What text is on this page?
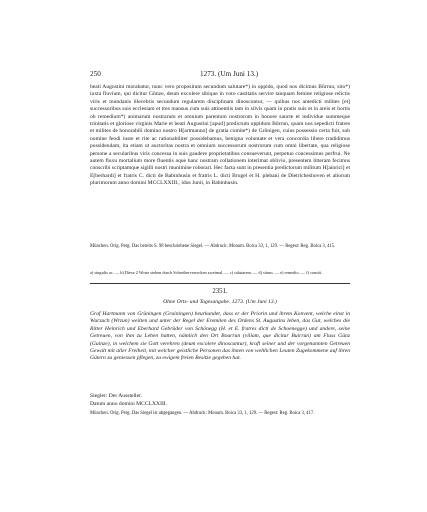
250	1273. (Um Juni 13.)

beati Augustini morabatur, nunc vero propositum secundum salutare*) in oppido, quod nos dicimus Bůrrun, sito*) iuxta fluvium, qui dicitur Gůnze, deum excolere sibique in voto castitatis servire tanquam femine religiose relictis viris et mundanis illecebris secundum regularem disciplinam dinoscuntur, — quibus nos antedicti milites [et] successoribus suis ecclesiam et tres mansus cum suis attinentiis tam in silvis quam in pratis suis et in areis et hortis ob remedium*) animarum nostrarum et omnium parentum nostrorum in honore sancte et individue summeque trinitatis et gloriose virginis Marie et beati Augustini [apud] predictum oppidum Bůrrun, quam nos sepedicti fratres et milites de honorabili domino nostro H[artmanno] de gratia comite*) de Grônigen, cuius possessio certa fuit, sub nomine feodi iuste et rite ac rationabiliter possidebamus, benigna voluntate et vera concordia libere tradidimus possidendam, ita etiam ut auctoritas nostra et omnium successorum nostrorum cum omni libertate, qua religiose persone a secularibus viris concessa in suis gaudere proprietatibus consueverunt, perpetuo concessimus perfrui. Ne autem fluxu mortalium more fluentis aque hanc nostram collationem interimat oblivio, presentem litteram fecimus conscribi scriptamque sigilli nostri munimine roborari. Hec facta sunt in presentia predictorum militum H[ainrici] et E[berhardi] et fratris C. dicti de Babinhusin et fratris L. dicti Brugel et H. plebani de Dietricheshoven et aliorum plurimorum anno domini MCCLXXIII., idus Junii, in Babinhusin.

München. Orig. Perg. Das bereits S. 98 beschriebene Siegel. — Abdruck: Monum. Boica 33, 1, 129. — Regest: Reg. Boica 3, 415.

a) singulis ac. — b) Diese 2 Worte stehen durch Schreiberverrecken zweimal. — c) salutarem. — d) situm. — e) remedio. — f) comiti.

2351.
Ohne Orts- und Tagesangabe. 1273. (Um Juni 13.)

Graf Hartmann von Grüningen (Gruiningen) beurkundet, dass er der Priorin und ihrem Konvent, welche einst in Wurzach (Wrzun) weilten und unter der Regel der Eremiten des Ordens St. Augustins leben, das Gut, welches die Ritter Heinrich und Eberhard Gebrüder von Schönegg (H. et E. fratres dicti de Schoenegge) und andere, seine Getreuen, von ihm zu Lehen hatten, nämlich den Ort Bourrun (villam, que dicitur Buirrun) am Fluss Günz (Guinze), in welchem sie Gott verehren (deum excolere dinoscuntur), kraft seiner und der vorgenannten Getreuen Gewalt mit aller Freiheit, mit welcher geistliche Personen das ihnen von weltlichen Leuten Zugekommene auf ihren Gütern zu geniessen pflegen, zu ewigem freien Besitze gegeben hat.

Siegler: Der Aussteller.

Datum anno domini MCCLXXIII.

München. Orig. Perg. Das Siegel ist abgegangen. — Abdruck: Monum. Boica 33, 1, 129. — Regest: Reg. Boica 3, 417.
